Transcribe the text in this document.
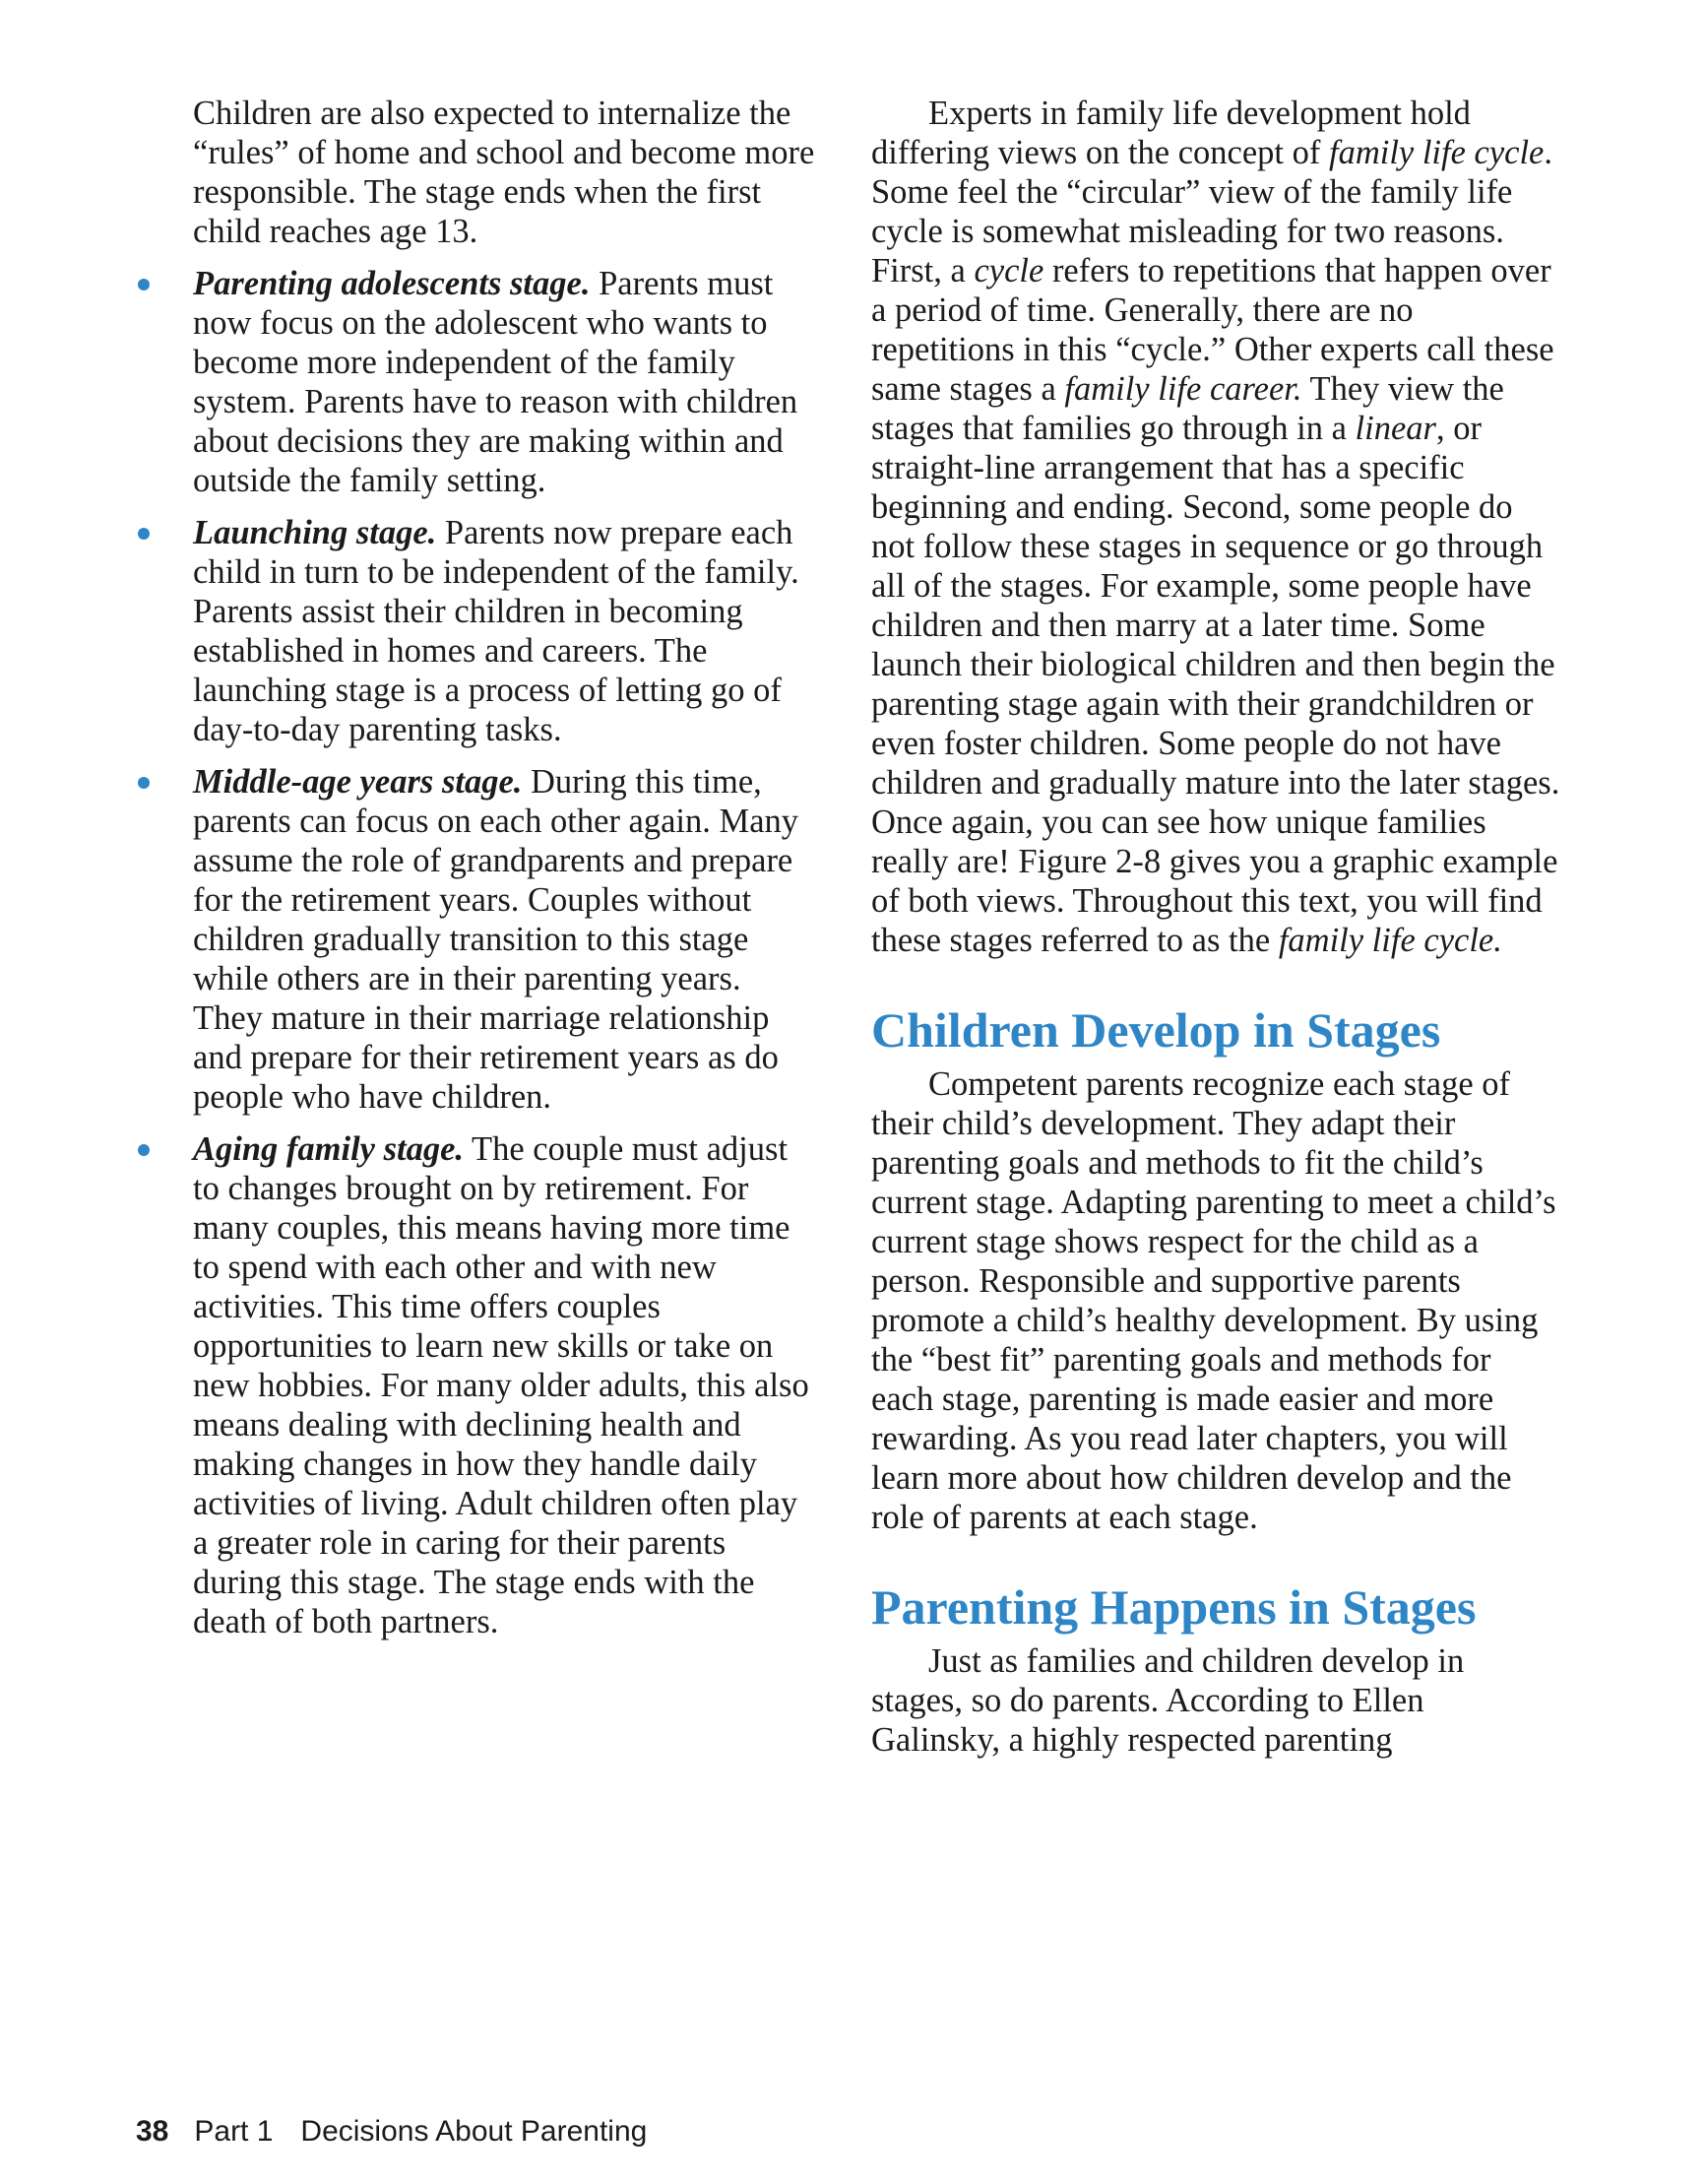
Children are also expected to internalize the “rules” of home and school and become more responsible. The stage ends when the first child reaches age 13.

Parenting adolescents stage. Parents must now focus on the adolescent who wants to become more independent of the family system. Parents have to reason with children about decisions they are making within and outside the family setting.
Launching stage. Parents now prepare each child in turn to be independent of the family. Parents assist their children in becoming established in homes and careers. The launching stage is a process of letting go of day-to-day parenting tasks.
Middle-age years stage. During this time, parents can focus on each other again. Many assume the role of grandparents and prepare for the retirement years. Couples without children gradually transition to this stage while others are in their parenting years. They mature in their marriage relationship and prepare for their retirement years as do people who have children.
Aging family stage. The couple must adjust to changes brought on by retirement. For many couples, this means having more time to spend with each other and with new activities. This time offers couples opportunities to learn new skills or take on new hobbies. For many older adults, this also means dealing with declining health and making changes in how they handle daily activities of living. Adult children often play a greater role in caring for their parents during this stage. The stage ends with the death of both partners.

Experts in family life development hold differing views on the concept of family life cycle. Some feel the “circular” view of the family life cycle is somewhat misleading for two reasons. First, a cycle refers to repetitions that happen over a period of time. Generally, there are no repetitions in this “cycle.” Other experts call these same stages a family life career. They view the stages that families go through in a linear, or straight-line arrangement that has a specific beginning and ending. Second, some people do not follow these stages in sequence or go through all of the stages. For example, some people have children and then marry at a later time. Some launch their biological children and then begin the parenting stage again with their grandchildren or even foster children. Some people do not have children and gradually mature into the later stages. Once again, you can see how unique families really are! Figure 2-8 gives you a graphic example of both views. Throughout this text, you will find these stages referred to as the family life cycle.

Children Develop in Stages

Competent parents recognize each stage of their child’s development. They adapt their parenting goals and methods to fit the child’s current stage. Adapting parenting to meet a child’s current stage shows respect for the child as a person. Responsible and supportive parents promote a child’s healthy development. By using the “best fit” parenting goals and methods for each stage, parenting is made easier and more rewarding. As you read later chapters, you will learn more about how children develop and the role of parents at each stage.

Parenting Happens in Stages

Just as families and children develop in stages, so do parents. According to Ellen Galinsky, a highly respected parenting

38 Part 1 Decisions About Parenting
